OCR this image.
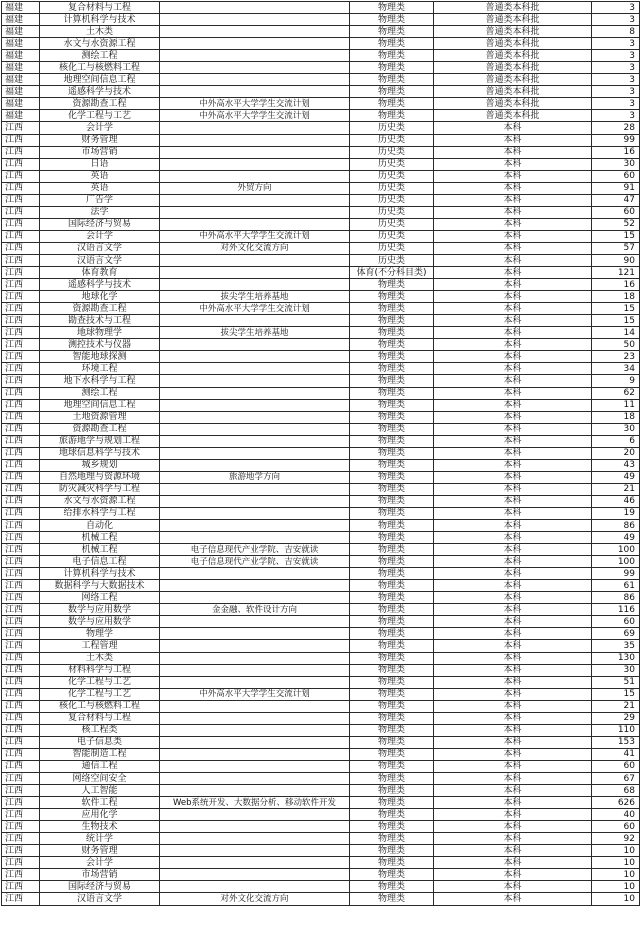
福建	复合材料与工程		物理类	普通类本科批	3
福建	计算机科学与技术		物理类	普通类本科批	3
福建	土木类		物理类	普通类本科批	8
福建	水文与水资源工程		物理类	普通类本科批	3
福建	测绘工程		物理类	普通类本科批	3
福建	核化工与核燃料工程		物理类	普通类本科批	3
福建	地理空间信息工程		物理类	普通类本科批	3
福建	遥感科学与技术		物理类	普通类本科批	3
福建	资源勘查工程	中外高水平大学学生交流计划	物理类	普通类本科批	3
福建	化学工程与工艺	中外高水平大学学生交流计划	物理类	普通类本科批	3
江西	会计学		历史类	本科	28
江西	财务管理		历史类	本科	99
江西	市场营销		历史类	本科	16
江西	日语		历史类	本科	30
江西	英语		历史类	本科	60
江西	英语	外贸方向	历史类	本科	91
江西	广告学		历史类	本科	47
江西	法学		历史类	本科	60
江西	国际经济与贸易		历史类	本科	52
江西	会计学	中外高水平大学学生交流计划	历史类	本科	15
江西	汉语言文学	对外文化交流方向	历史类	本科	57
江西	汉语言文学		历史类	本科	90
江西	体育教育		体育(不分科目类)	本科	121
江西	遥感科学与技术		物理类	本科	16
江西	地球化学	拔尖学生培养基地	物理类	本科	18
江西	资源勘查工程	中外高水平大学学生交流计划	物理类	本科	15
江西	勘查技术与工程		物理类	本科	15
江西	地球物理学	拔尖学生培养基地	物理类	本科	14
江西	测控技术与仪器		物理类	本科	50
江西	智能地球探测		物理类	本科	23
江西	环境工程		物理类	本科	34
江西	地下水科学与工程		物理类	本科	9
江西	测绘工程		物理类	本科	62
江西	地理空间信息工程		物理类	本科	11
江西	土地资源管理		物理类	本科	18
江西	资源勘查工程		物理类	本科	30
江西	旅游地学与规划工程		物理类	本科	6
江西	地球信息科学与技术		物理类	本科	20
江西	城乡规划		物理类	本科	43
江西	自然地理与资源环境	旅游地学方向	物理类	本科	49
江西	防灾减灾科学与工程		物理类	本科	21
江西	水文与水资源工程		物理类	本科	46
江西	给排水科学与工程		物理类	本科	19
江西	自动化		物理类	本科	86
江西	机械工程		物理类	本科	49
江西	机械工程	电子信息现代产业学院、吉安就读	物理类	本科	100
江西	电子信息工程	电子信息现代产业学院、吉安就读	物理类	本科	100
江西	计算机科学与技术		物理类	本科	99
江西	数据科学与大数据技术		物理类	本科	61
江西	网络工程		物理类	本科	86
江西	数学与应用数学	金金融、软件设计方向	物理类	本科	116
江西	数学与应用数学		物理类	本科	60
江西	物理学		物理类	本科	69
江西	工程管理		物理类	本科	35
江西	土木类		物理类	本科	130
江西	材料科学与工程		物理类	本科	30
江西	化学工程与工艺		物理类	本科	51
江西	化学工程与工艺	中外高水平大学学生交流计划	物理类	本科	15
江西	核化工与核燃料工程		物理类	本科	21
江西	复合材料与工程		物理类	本科	29
江西	核工程类		物理类	本科	110
江西	电子信息类		物理类	本科	153
江西	智能制造工程		物理类	本科	41
江西	通信工程		物理类	本科	60
江西	网络空间安全		物理类	本科	67
江西	人工智能		物理类	本科	68
江西	软件工程	Web系统开发、大数据分析、移动软件开发	物理类	本科	626
江西	应用化学		物理类	本科	40
江西	生物技术		物理类	本科	60
江西	统计学		物理类	本科	92
江西	财务管理		物理类	本科	10
江西	会计学		物理类	本科	10
江西	市场营销		物理类	本科	10
江西	国际经济与贸易		物理类	本科	10
江西	汉语言文学	对外文化交流方向	物理类	本科	10
